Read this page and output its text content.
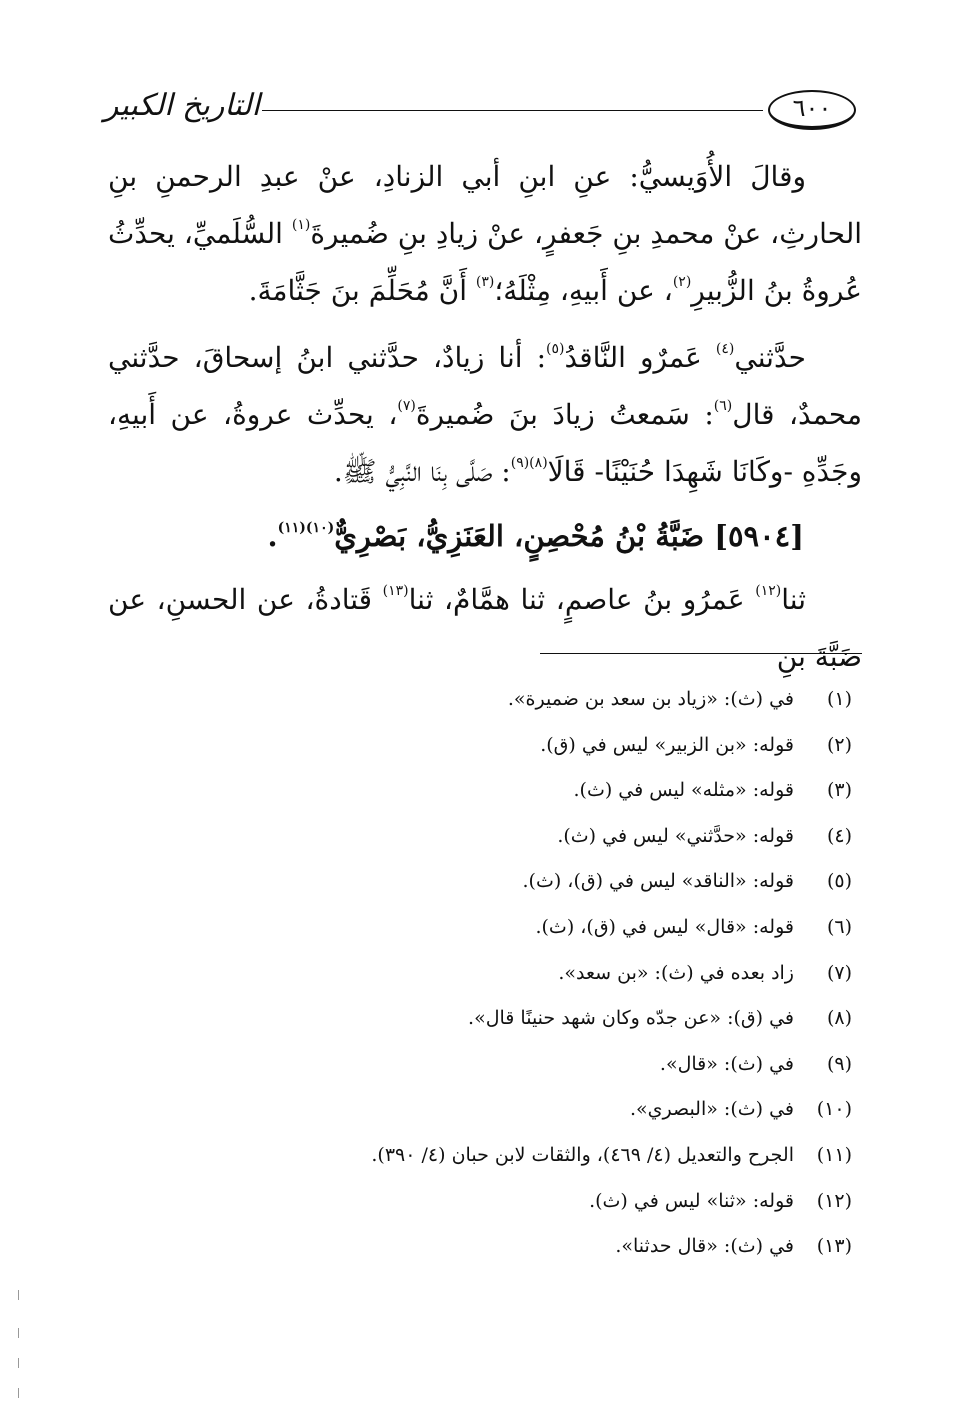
التاريخ الكبير	٦٠٠

وقالَ الأُوَيسيُّ: عنِ ابنِ أبي الزنادِ، عنْ عبدِ الرحمنِ بنِ الحارثِ، عنْ محمدِ بنِ جَعفرٍ، عنْ زيادِ بنِ ضُميرةَ$^{(١)}$ السُّلَميِّ، يحدِّثُ عُروةُ بنُ الزُّبيرِ$^{(٢)}$، عن أَبيهِ، مِثْلَهُ؛$^{(٣)}$ أَنَّ مُحَلِّمَ بنَ جَثَّامَةَ.

حدَّثني$^{(٤)}$ عَمرٌو النَّاقدُ$^{(٥)}$: أنا زيادٌ، حدَّثني ابنُ إسحاقَ، حدَّثني محمدٌ، قال$^{(٦)}$: سَمعتُ زيادَ بنَ ضُميرةَ$^{(٧)}$، يحدِّث عروةُ، عن أَبيهِ، وجَدِّهِ -وكَانَا شَهِدَا حُنَيْنًا- قَالَا$^{(٨)(٩)}$: صَلَّى بِنَا النَّبِيُّ ﷺ.

[٥٩٠٤] ضَبَّةُ بْنُ مُحْصِنٍ، العَنَزِيُّ، بَصْرِيٌّ$^{(١٠)(١١)}$.

ثنا$^{(١٢)}$ عَمرُو بنُ عاصمٍ، ثنا همَّامٌ، ثنا$^{(١٣)}$ قَتادةُ، عن الحسنِ، عن ضَبَّةَ بنِ

(١)في (ث): «زياد بن سعد بن ضميرة».
(٢)قوله: «بن الزبير» ليس في (ق).
(٣)قوله: «مثله» ليس في (ث).
(٤)قوله: «حدَّثني» ليس في (ث).
(٥)قوله: «الناقد» ليس في (ق)، (ث).
(٦)قوله: «قال» ليس في (ق)، (ث).
(٧)زاد بعده في (ث): «بن سعد».
(٨)في (ق): «عن جدّه وكان شهد حنينًا قال».
(٩)في (ث): «قال».
(١٠)في (ث): «البصري».
(١١)الجرح والتعديل (٤/ ٤٦٩)، والثقات لابن حبان (٤/ ٣٩٠).
(١٢)قوله: «ثنا» ليس في (ث).
(١٣)في (ث): «قال حدثنا».
